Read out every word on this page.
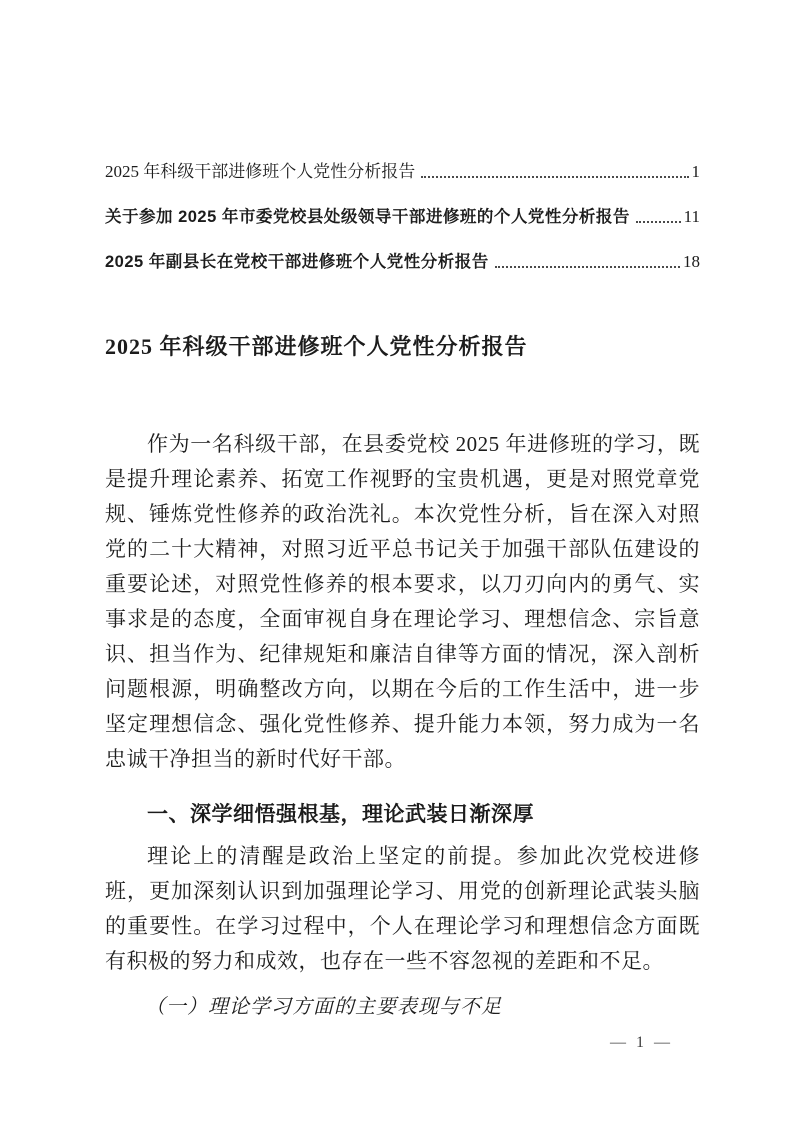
2025 年科级干部进修班个人党性分析报告	1
关于参加 2025 年市委党校县处级领导干部进修班的个人党性分析报告	11
2025 年副县长在党校干部进修班个人党性分析报告	18
2025 年科级干部进修班个人党性分析报告

作为一名科级干部，在县委党校 2025 年进修班的学习，既是提升理论素养、拓宽工作视野的宝贵机遇，更是对照党章党规、锤炼党性修养的政治洗礼。本次党性分析，旨在深入对照党的二十大精神，对照习近平总书记关于加强干部队伍建设的重要论述，对照党性修养的根本要求，以刀刃向内的勇气、实事求是的态度，全面审视自身在理论学习、理想信念、宗旨意识、担当作为、纪律规矩和廉洁自律等方面的情况，深入剖析问题根源，明确整改方向，以期在今后的工作生活中，进一步坚定理想信念、强化党性修养、提升能力本领，努力成为一名忠诚干净担当的新时代好干部。

一、深学细悟强根基，理论武装日渐深厚

理论上的清醒是政治上坚定的前提。参加此次党校进修班，更加深刻认识到加强理论学习、用党的创新理论武装头脑的重要性。在学习过程中，个人在理论学习和理想信念方面既有积极的努力和成效，也存在一些不容忽视的差距和不足。

（一）理论学习方面的主要表现与不足
— 1 —
